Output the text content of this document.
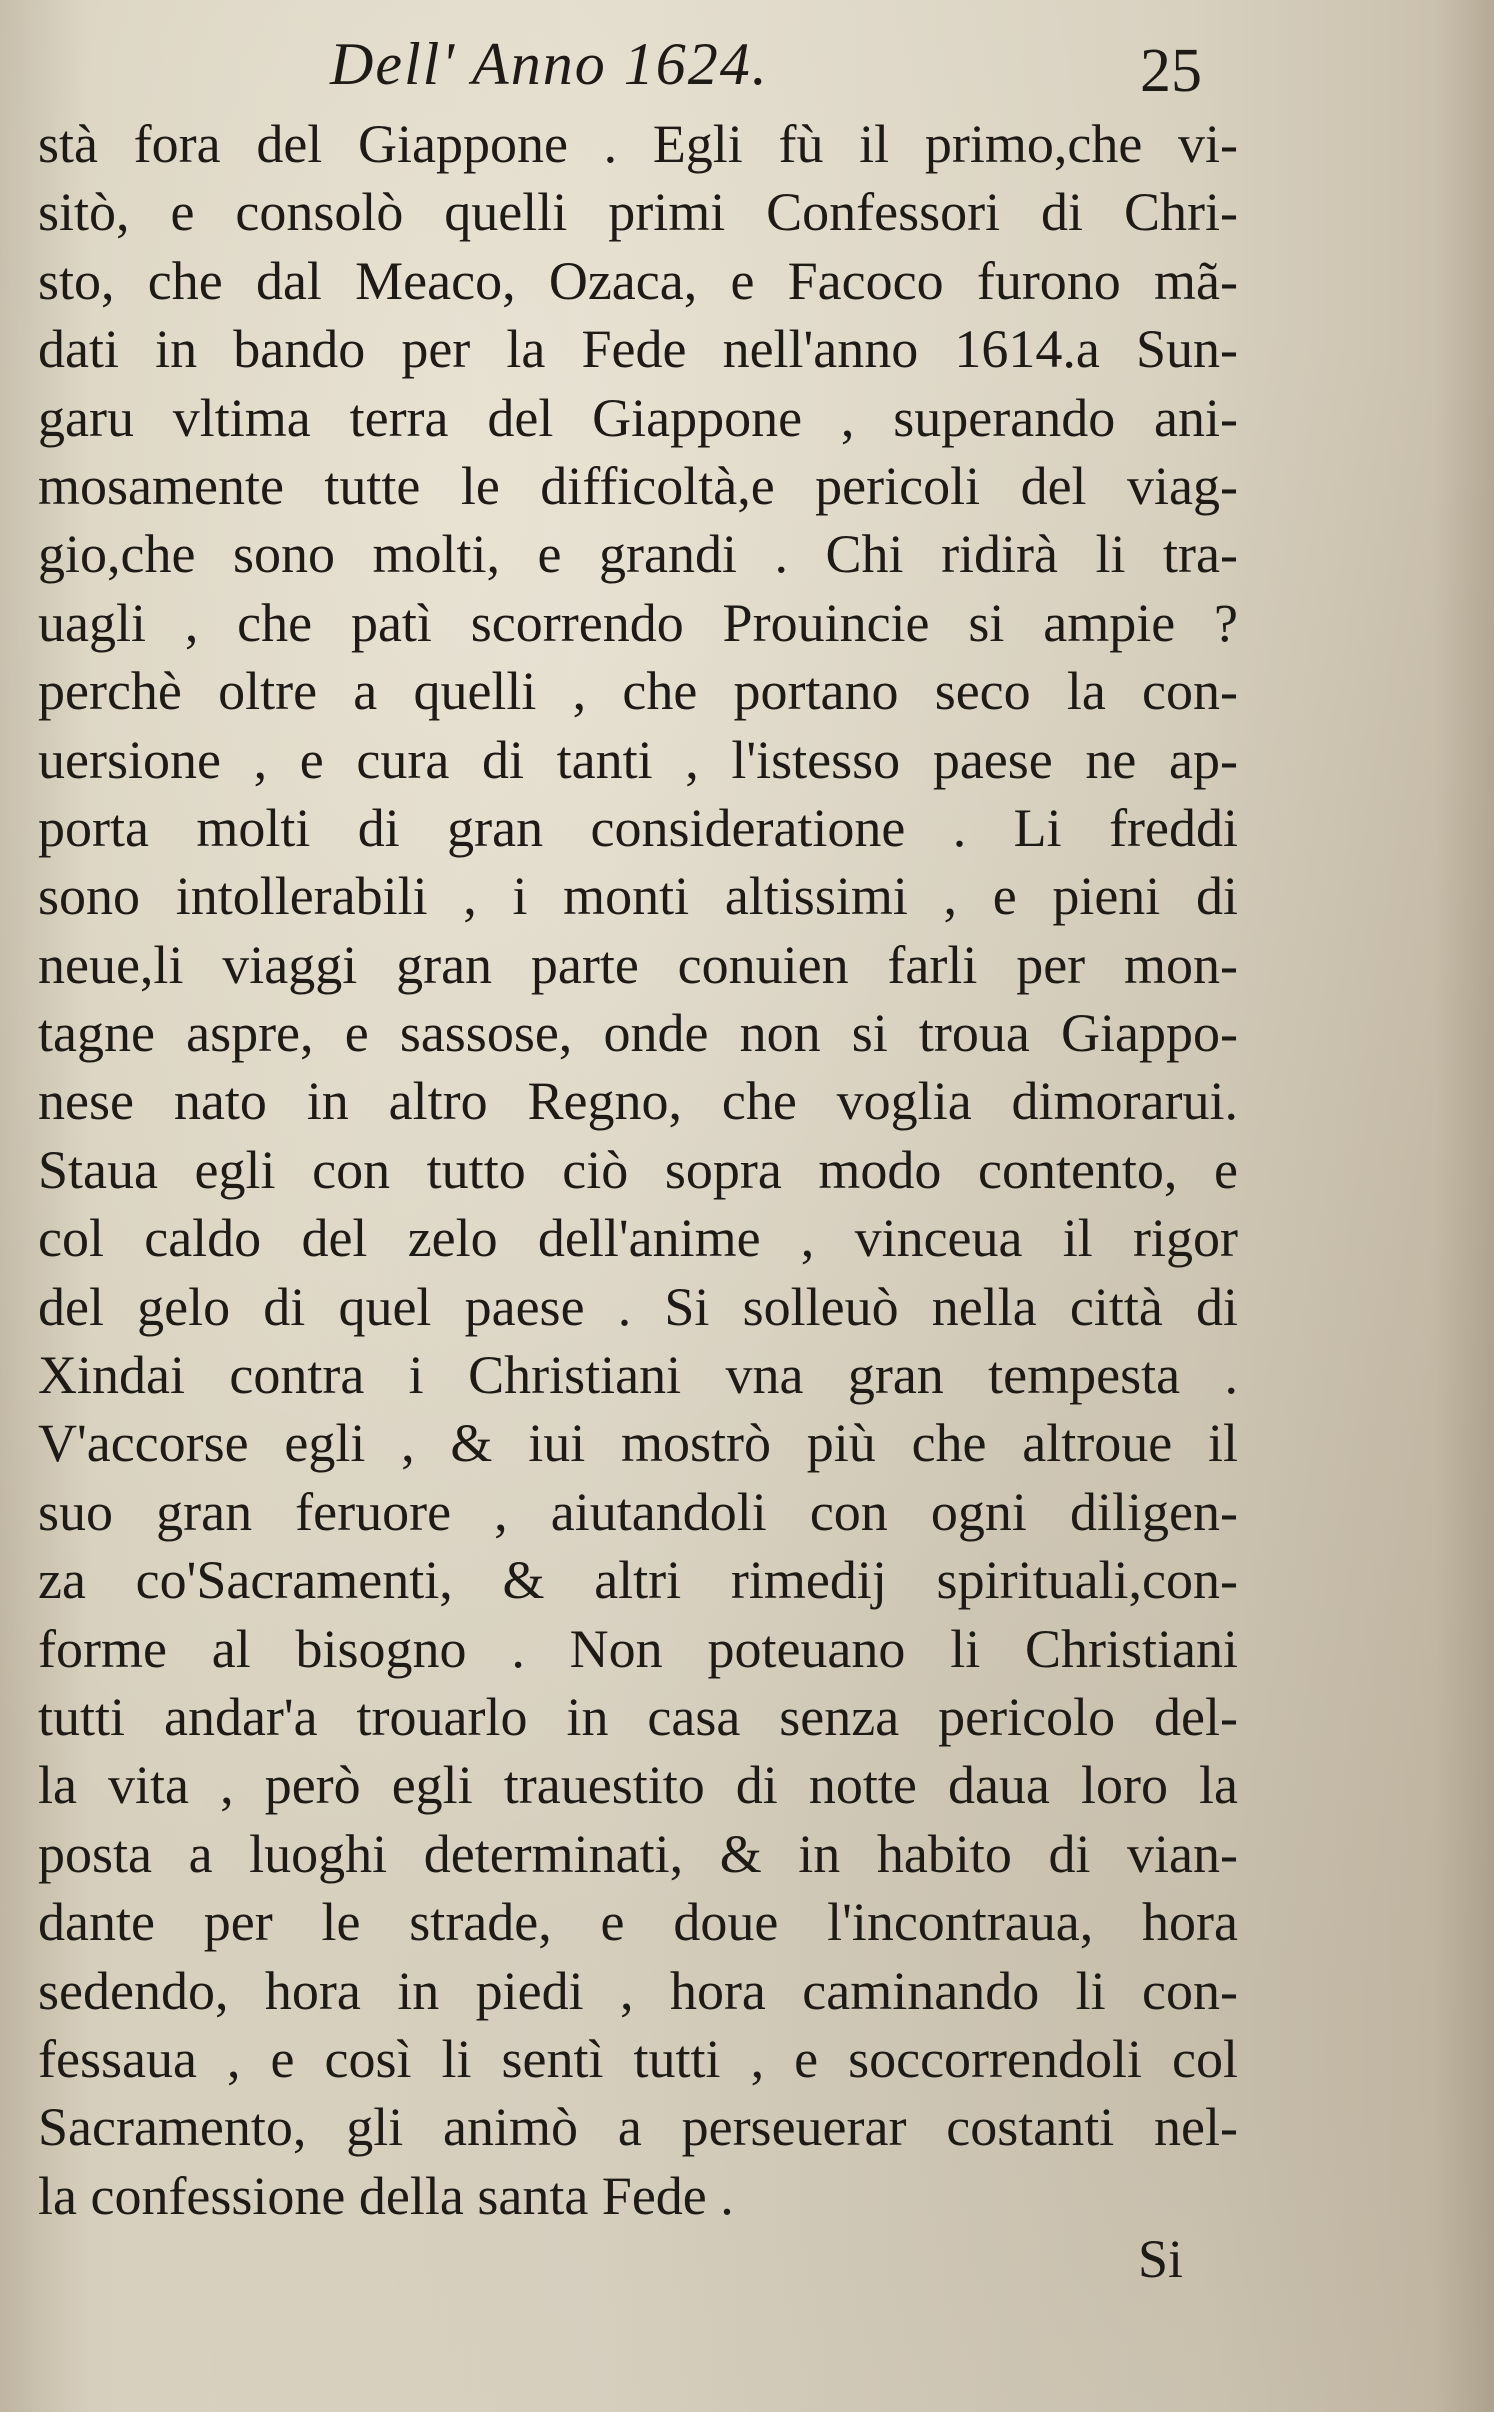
Dell' Anno 1624.	25
stà fora del Giappone . Egli fù il primo,che vi-
sitò, e consolò quelli primi Confessori di Chri-
sto, che dal Meaco, Ozaca, e Facoco furono mã-
dati in bando per la Fede nell'anno 1614.a Sun-
garu vltima terra del Giappone , superando ani-
mosamente tutte le difficoltà,e pericoli del viag-
gio,che sono molti, e grandi . Chi ridirà li tra-
uagli , che patì scorrendo Prouincie si ampie ?
perchè oltre a quelli , che portano seco la con-
uersione , e cura di tanti , l'istesso paese ne ap-
porta molti di gran consideratione . Li freddi
sono intollerabili , i monti altissimi , e pieni di
neue,li viaggi gran parte conuien farli per mon-
tagne aspre, e sassose, onde non si troua Giappo-
nese nato in altro Regno, che voglia dimorarui.
Staua egli con tutto ciò sopra modo contento, e
col caldo del zelo dell'anime , vinceua il rigor
del gelo di quel paese . Si solleuò nella città di
Xindai contra i Christiani vna gran tempesta .
V'accorse egli , & iui mostrò più che altroue il
suo gran feruore , aiutandoli con ogni diligen-
za co'Sacramenti, & altri rimedij spirituali,con-
forme al bisogno . Non poteuano li Christiani
tutti andar'a trouarlo in casa senza pericolo del-
la vita , però egli trauestito di notte daua loro la
posta a luoghi determinati, & in habito di vian-
dante per le strade, e doue l'incontraua, hora
sedendo, hora in piedi , hora caminando li con-
fessaua , e così li sentì tutti , e soccorrendoli col
Sacramento, gli animò a perseuerar costanti nel-
la confessione della santa Fede .
Si
